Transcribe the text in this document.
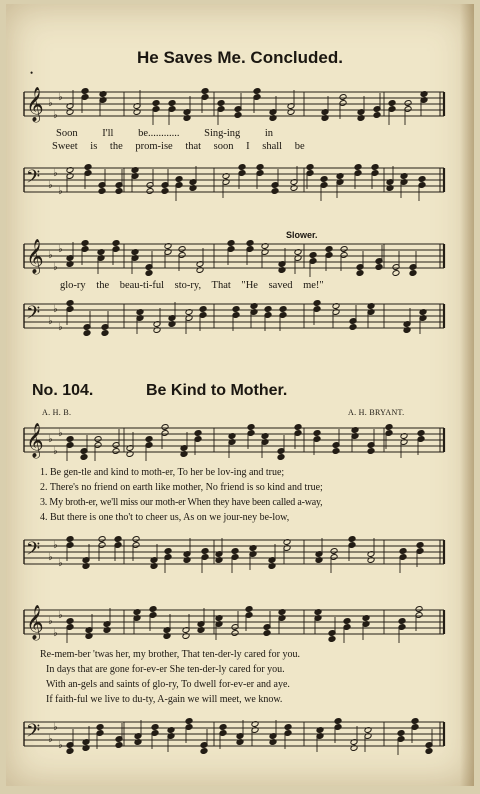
He Saves Me. Concluded.
•
𝄞 ♭
♭
♭
Soon I'll be............ Sing-ing in
Sweet is the prom-ise that soon I shall be
𝄢 ♭
♭
♭
Slower.
𝄞 ♭
♭
♭
glo-ry the beau-ti-ful sto-ry, That "He saved me!"
𝄢 ♭
♭
♭
No. 104.	Be Kind to Mother.
A. H. B.	A. H. BRYANT.
𝄞 ♭
♭
♭
1. Be gen-tle and kind to moth-er, To her be lov-ing and true;
2. There's no friend on earth like mother, No friend is so kind and true;
3. My broth-er, we'll miss our moth-er When they have been called a-way,
4. But there is one tho't to cheer us, As on we jour-ney be-low,
𝄢 ♭
♭
♭
𝄞 ♭
♭
♭
Re-mem-ber 'twas her, my brother, That ten-der-ly cared for you.
In days that are gone for-ev-er She ten-der-ly cared for you.
With an-gels and saints of glo-ry, To dwell for-ev-er and aye.
If faith-ful we live to du-ty, A-gain we will meet, we know.
𝄢 ♭
♭
♭
